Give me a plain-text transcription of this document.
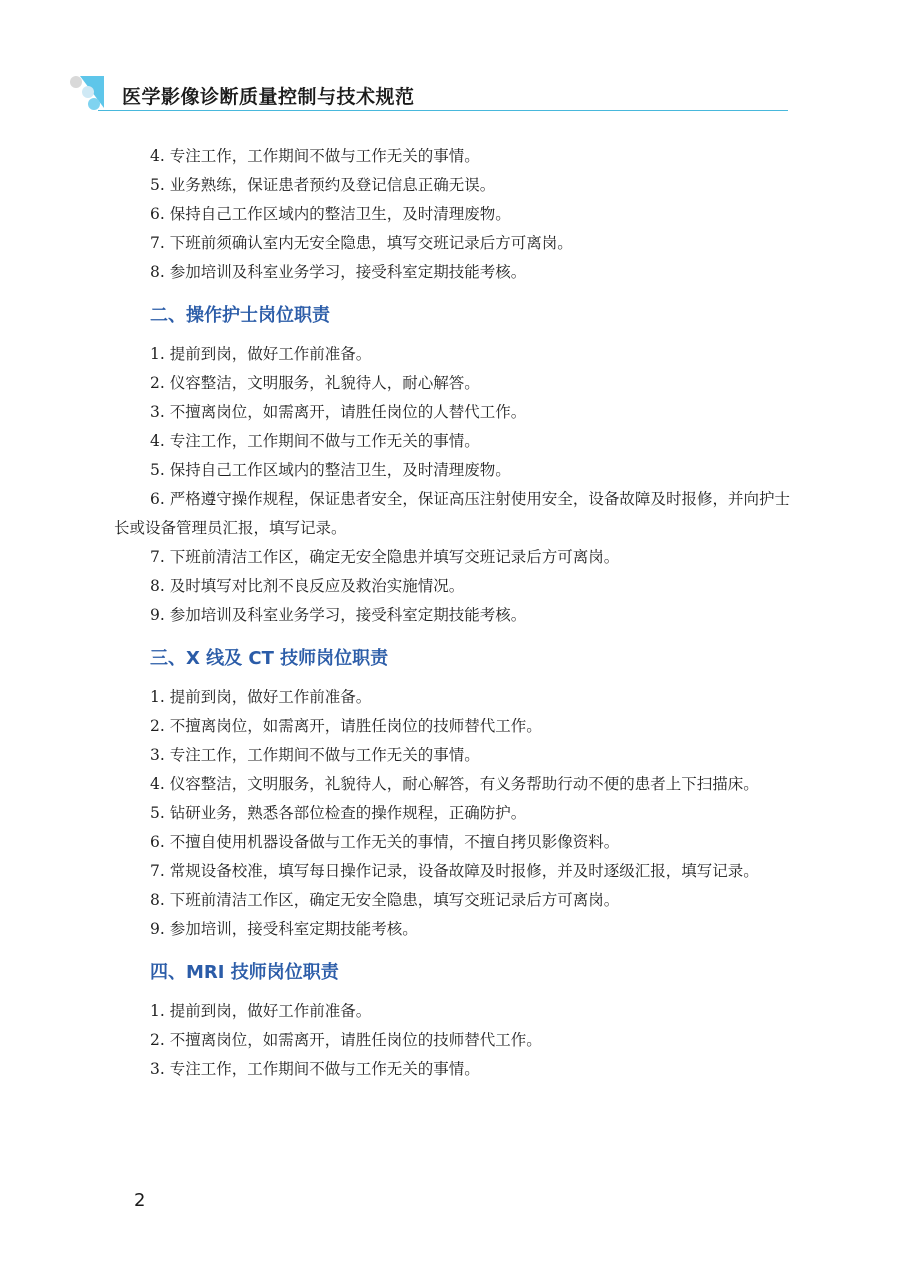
医学影像诊断质量控制与技术规范

4. 专注工作，工作期间不做与工作无关的事情。

5. 业务熟练，保证患者预约及登记信息正确无误。

6. 保持自己工作区域内的整洁卫生，及时清理废物。

7. 下班前须确认室内无安全隐患，填写交班记录后方可离岗。

8. 参加培训及科室业务学习，接受科室定期技能考核。

二、操作护士岗位职责

1. 提前到岗，做好工作前准备。

2. 仪容整洁，文明服务，礼貌待人，耐心解答。

3. 不擅离岗位，如需离开，请胜任岗位的人替代工作。

4. 专注工作，工作期间不做与工作无关的事情。

5. 保持自己工作区域内的整洁卫生，及时清理废物。

6. 严格遵守操作规程，保证患者安全，保证高压注射使用安全，设备故障及时报修，并向护士长或设备管理员汇报，填写记录。

7. 下班前清洁工作区，确定无安全隐患并填写交班记录后方可离岗。

8. 及时填写对比剂不良反应及救治实施情况。

9. 参加培训及科室业务学习，接受科室定期技能考核。

三、X 线及 CT 技师岗位职责

1. 提前到岗，做好工作前准备。

2. 不擅离岗位，如需离开，请胜任岗位的技师替代工作。

3. 专注工作，工作期间不做与工作无关的事情。

4. 仪容整洁，文明服务，礼貌待人，耐心解答，有义务帮助行动不便的患者上下扫描床。

5. 钻研业务，熟悉各部位检查的操作规程，正确防护。

6. 不擅自使用机器设备做与工作无关的事情，不擅自拷贝影像资料。

7. 常规设备校准，填写每日操作记录，设备故障及时报修，并及时逐级汇报，填写记录。

8. 下班前清洁工作区，确定无安全隐患，填写交班记录后方可离岗。

9. 参加培训，接受科室定期技能考核。

四、MRI 技师岗位职责

1. 提前到岗，做好工作前准备。

2. 不擅离岗位，如需离开，请胜任岗位的技师替代工作。

3. 专注工作，工作期间不做与工作无关的事情。

2
